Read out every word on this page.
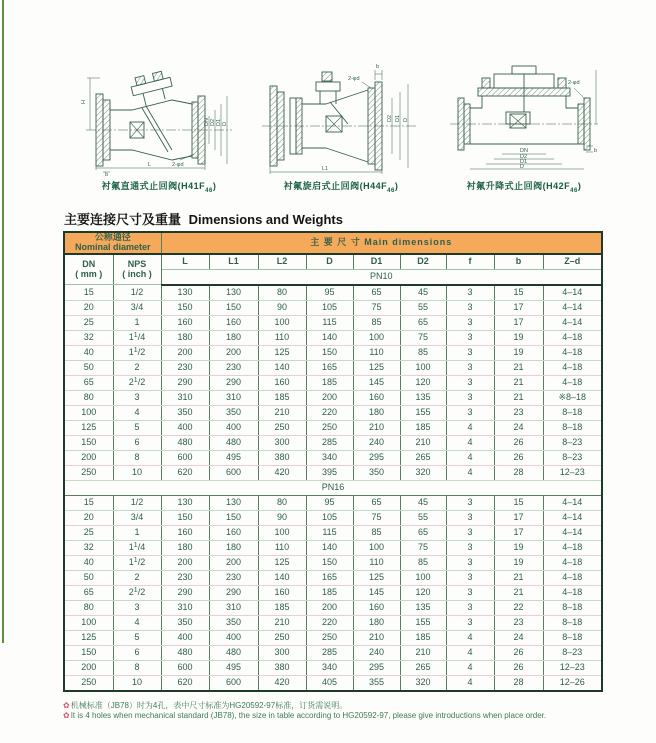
H
b
L	2-φd
DN D2 D1 D
b
2-φd
L1
D2 D1 D
2-φd
b
DN
D2
D1
D
衬氟直通式止回阀$(H41F_{46})$	衬氟旋启式止回阀$(H44F_{46})$	衬氟升降式止回阀$(H42F_{46})$
主要连接尺寸及重量 Dimensions and Weights
公称通径
Nominal diameter		主 要 尺 寸 Main dimensions								

DN
( mm )

NPS
( inch )
	L	L1	L2	D	D1	D2	f	b	Z–d
		PN10								
15	1/2	130	130	80	95	65	45	3	15	4–14
20	3/4	150	150	90	105	75	55	3	17	4–14
25	1	160	160	100	115	85	65	3	17	4–14
32	$1^1/4$	180	180	110	140	100	75	3	19	4–18
40	$1^1/2$	200	200	125	150	110	85	3	19	4–18
50	2	230	230	140	165	125	100	3	21	4–18
65	$2^1/2$	290	290	160	185	145	120	3	21	4–18
80	3	310	310	185	200	160	135	3	21	※8–18
100	4	350	350	210	220	180	155	3	23	8–18
125	5	400	400	250	250	210	185	4	24	8–18
150	6	480	480	300	285	240	210	4	26	8–23
200	8	600	495	380	340	295	265	4	26	8–23
250	10	620	600	420	395	350	320	4	28	12–23
PN16										
15	1/2	130	130	80	95	65	45	3	15	4–14
20	3/4	150	150	90	105	75	55	3	17	4–14
25	1	160	160	100	115	85	65	3	17	4–14
32	$1^1/4$	180	180	110	140	100	75	3	19	4–18
40	$1^1/2$	200	200	125	150	110	85	3	19	4–18
50	2	230	230	140	165	125	100	3	21	4–18
65	$2^1/2$	290	290	160	185	145	120	3	21	4–18
80	3	310	310	185	200	160	135	3	22	8–18
100	4	350	350	210	220	180	155	3	23	8–18
125	5	400	400	250	250	210	185	4	24	8–18
150	6	480	480	300	285	240	210	4	26	8–23
200	8	600	495	380	340	295	265	4	26	12–23
250	10	620	600	420	405	355	320	4	28	12–26
✿机械标准（JB78）时为4孔，表中尺寸标准为HG20592-97标准，订货需说明。
✿It is 4 holes when mechanical standard (JB78), the size in table according to HG20592-97, please give introductions when place order.
